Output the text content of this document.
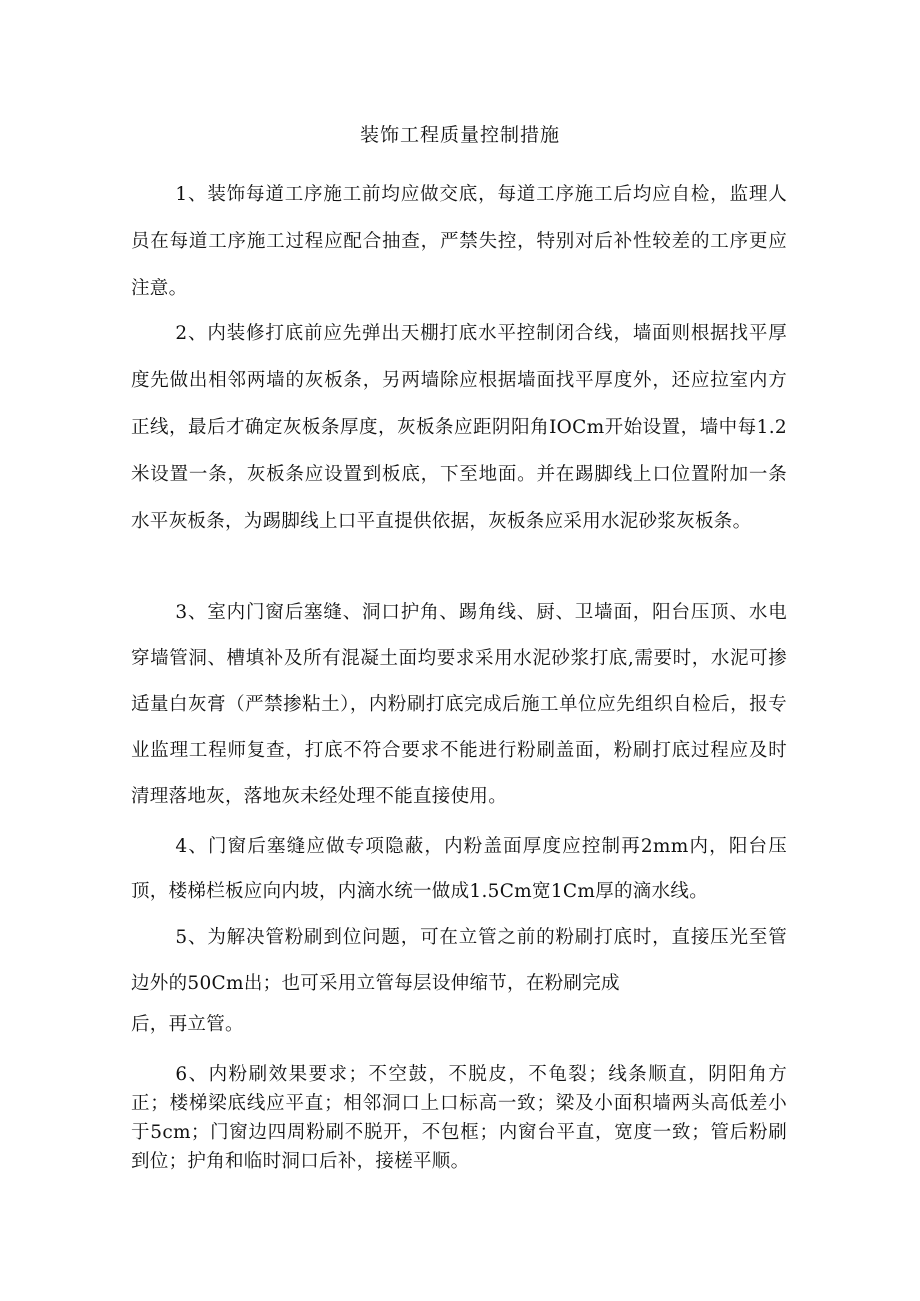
装饰工程质量控制措施

1、装饰每道工序施工前均应做交底，每道工序施工后均应自检，监理人员在每道工序施工过程应配合抽查，严禁失控，特别对后补性较差的工序更应注意。

2、内装修打底前应先弹出天棚打底水平控制闭合线，墙面则根据找平厚度先做出相邻两墙的灰板条，另两墙除应根据墙面找平厚度外，还应拉室内方正线，最后才确定灰板条厚度，灰板条应距阴阳角IOCm开始设置，墙中每1.2米设置一条，灰板条应设置到板底，下至地面。并在踢脚线上口位置附加一条水平灰板条，为踢脚线上口平直提供依据，灰板条应采用水泥砂浆灰板条。

3、室内门窗后塞缝、洞口护角、踢角线、厨、卫墙面，阳台压顶、水电穿墙管洞、槽填补及所有混凝土面均要求采用水泥砂浆打底,需要时，水泥可掺适量白灰膏（严禁掺粘土），内粉刷打底完成后施工单位应先组织自检后，报专业监理工程师复查，打底不符合要求不能进行粉刷盖面，粉刷打底过程应及时清理落地灰，落地灰未经处理不能直接使用。

4、门窗后塞缝应做专项隐蔽，内粉盖面厚度应控制再2mm内，阳台压顶，楼梯栏板应向内坡，内滴水统一做成1.5Cm宽1Cm厚的滴水线。

5、为解决管粉刷到位问题，可在立管之前的粉刷打底时，直接压光至管边外的50Cm出；也可采用立管每层设伸缩节，在粉刷完成

后，再立管。

6、内粉刷效果要求；不空鼓，不脱皮，不龟裂；线条顺直，阴阳角方正；楼梯梁底线应平直；相邻洞口上口标高一致；梁及小面积墙两头高低差小于5cm；门窗边四周粉刷不脱开，不包框；内窗台平直，宽度一致；管后粉刷到位；护角和临时洞口后补，接槎平顺。
